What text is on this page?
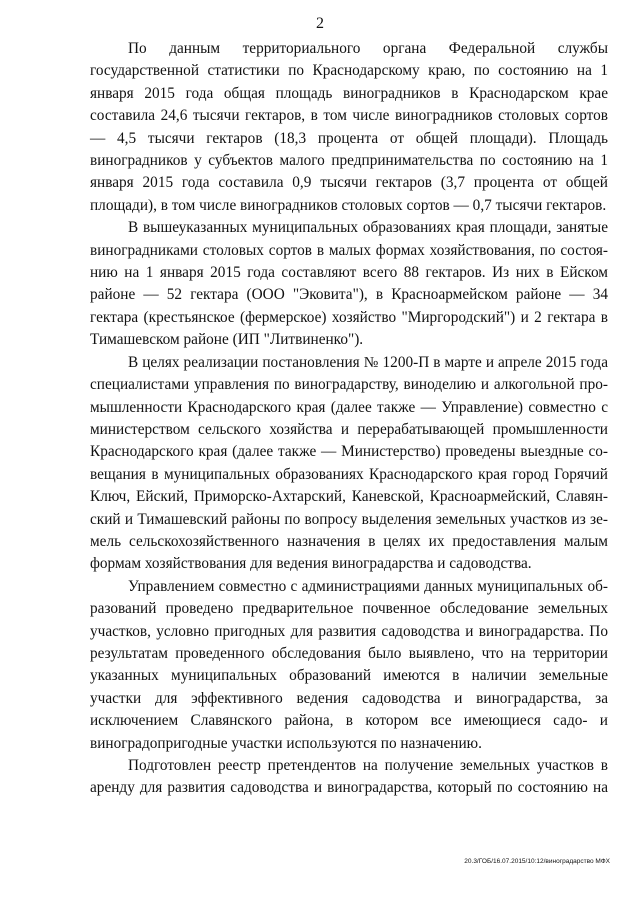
2

По данным территориального органа Федеральной службы государственной статистики по Краснодарскому краю, по состоянию на 1 января 2015 года общая площадь виноградников в Краснодарском крае составила 24,6 тысячи гектаров, в том числе виноградников столовых сортов — 4,5 тысячи гектаров (18,3 процента от общей площади). Площадь виноградников у субъектов малого предпринимательства по состоянию на 1 января 2015 года составила 0,9 тысячи гектаров (3,7 процента от общей площади), в том числе виноградников столовых сортов — 0,7 тысячи гектаров.

В вышеуказанных муниципальных образованиях края площади, занятые виноградниками столовых сортов в малых формах хозяйствования, по состоянию на 1 января 2015 года составляют всего 88 гектаров. Из них в Ейском районе — 52 гектара (ООО "Эковита"), в Красноармейском районе — 34 гектара (крестьянское (фермерское) хозяйство "Миргородский") и 2 гектара в Тимашевском районе (ИП "Литвиненко").

В целях реализации постановления № 1200-П в марте и апреле 2015 года специалистами управления по виноградарству, виноделию и алкогольной промышленности Краснодарского края (далее также — Управление) совместно с министерством сельского хозяйства и перерабатывающей промышленности Краснодарского края (далее также — Министерство) проведены выездные совещания в муниципальных образованиях Краснодарского края город Горячий Ключ, Ейский, Приморско-Ахтарский, Каневской, Красноармейский, Славянский и Тимашевский районы по вопросу выделения земельных участков из земель сельскохозяйственного назначения в целях их предоставления малым формам хозяйствования для ведения виноградарства и садоводства.

Управлением совместно с администрациями данных муниципальных образований проведено предварительное почвенное обследование земельных участков, условно пригодных для развития садоводства и виноградарства. По результатам проведенного обследования было выявлено, что на территории указанных муниципальных образований имеются в наличии земельные участки для эффективного ведения садоводства и виноградарства, за исключением Славянского района, в котором все имеющиеся садо- и виноградопригодные участки используются по назначению.

Подготовлен реестр претендентов на получение земельных участков в аренду для развития садоводства и виноградарства, который по состоянию на

20.3/ГОБ/16.07.2015/10:12/виноградарство МФХ
